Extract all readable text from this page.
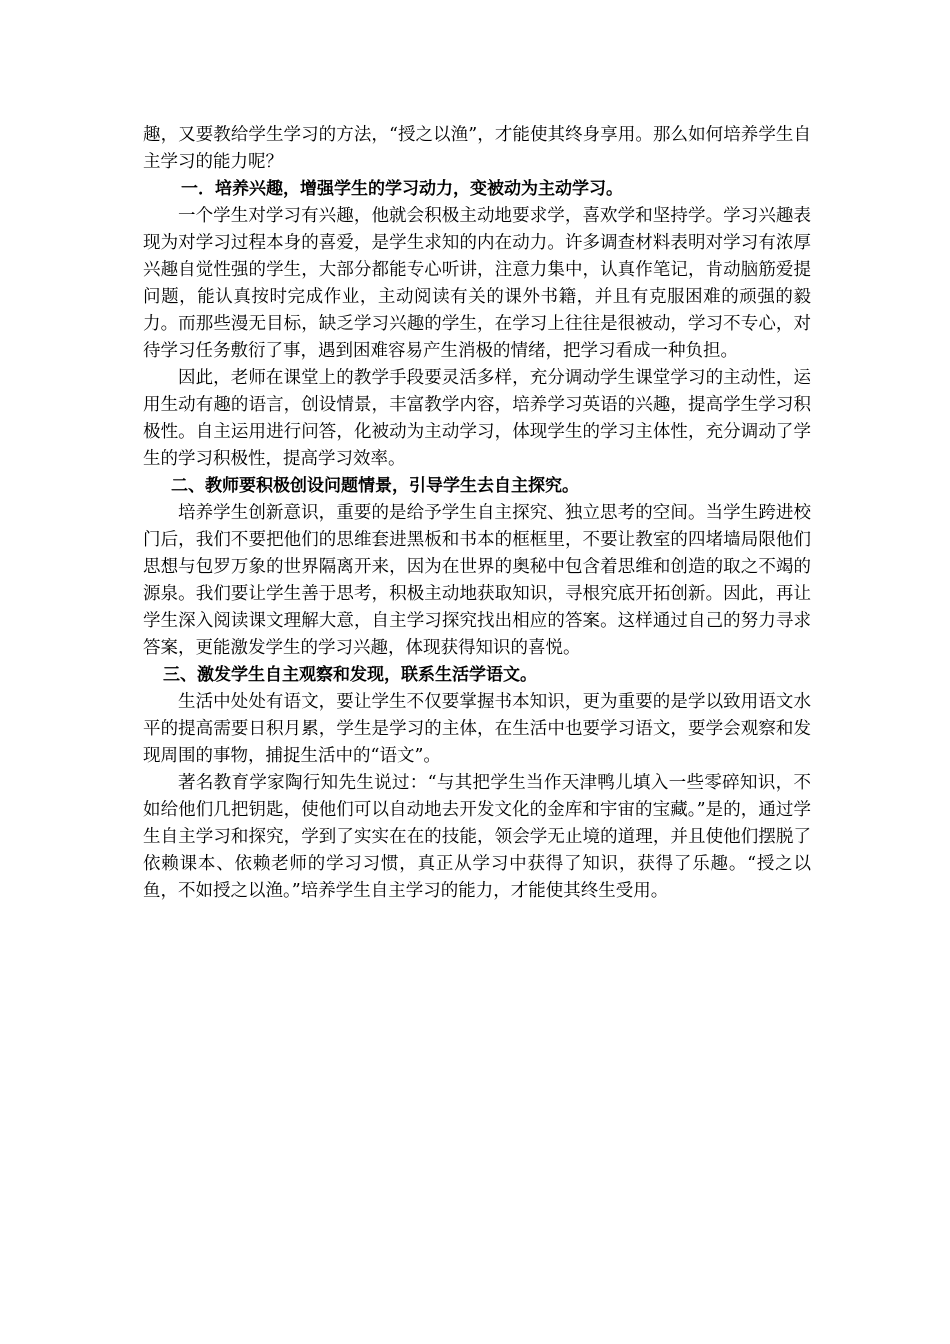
趣，又要教给学生学习的方法，“授之以渔”，才能使其终身享用。那么如何培养学生自主学习的能力呢？

一．培养兴趣，增强学生的学习动力，变被动为主动学习。

一个学生对学习有兴趣，他就会积极主动地要求学，喜欢学和坚持学。学习兴趣表现为对学习过程本身的喜爱，是学生求知的内在动力。许多调查材料表明对学习有浓厚兴趣自觉性强的学生，大部分都能专心听讲，注意力集中，认真作笔记，肯动脑筋爱提问题，能认真按时完成作业，主动阅读有关的课外书籍，并且有克服困难的顽强的毅力。而那些漫无目标，缺乏学习兴趣的学生，在学习上往往是很被动，学习不专心，对待学习任务敷衍了事，遇到困难容易产生消极的情绪，把学习看成一种负担。

因此，老师在课堂上的教学手段要灵活多样，充分调动学生课堂学习的主动性，运用生动有趣的语言，创设情景，丰富教学内容，培养学习英语的兴趣，提高学生学习积极性。自主运用进行问答，化被动为主动学习，体现学生的学习主体性，充分调动了学生的学习积极性，提高学习效率。

二、教师要积极创设问题情景，引导学生去自主探究。

培养学生创新意识，重要的是给予学生自主探究、独立思考的空间。当学生跨进校门后，我们不要把他们的思维套进黑板和书本的框框里，不要让教室的四堵墙局限他们思想与包罗万象的世界隔离开来，因为在世界的奥秘中包含着思维和创造的取之不竭的源泉。我们要让学生善于思考，积极主动地获取知识，寻根究底开拓创新。因此，再让学生深入阅读课文理解大意，自主学习探究找出相应的答案。这样通过自己的努力寻求答案，更能激发学生的学习兴趣，体现获得知识的喜悦。

三、激发学生自主观察和发现，联系生活学语文。

生活中处处有语文，要让学生不仅要掌握书本知识，更为重要的是学以致用语文水平的提高需要日积月累，学生是学习的主体，在生活中也要学习语文，要学会观察和发现周围的事物，捕捉生活中的“语文”。

著名教育学家陶行知先生说过：“与其把学生当作天津鸭儿填入一些零碎知识，不如给他们几把钥匙，使他们可以自动地去开发文化的金库和宇宙的宝藏。”是的，通过学生自主学习和探究，学到了实实在在的技能，领会学无止境的道理，并且使他们摆脱了依赖课本、依赖老师的学习习惯，真正从学习中获得了知识，获得了乐趣。“授之以鱼，不如授之以渔。”培养学生自主学习的能力，才能使其终生受用。
